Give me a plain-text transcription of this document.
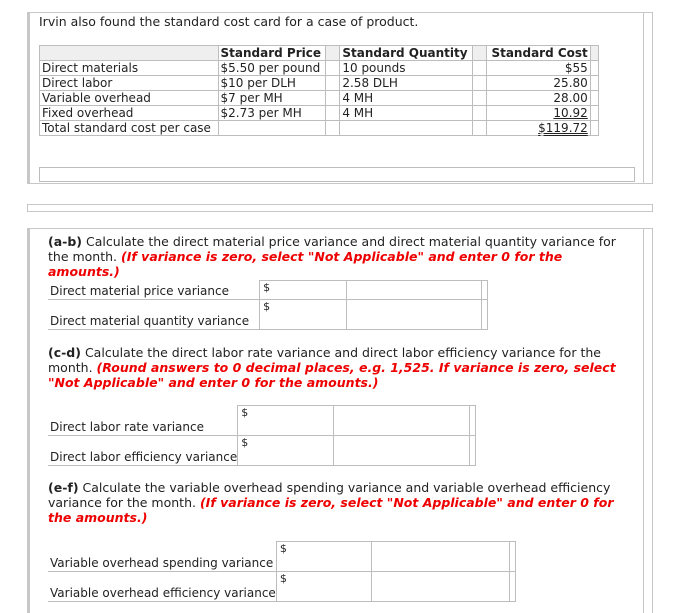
Irvin also found the standard cost card for a case of product.
	Standard Price		Standard Quantity		Standard Cost	
Direct materials	$5.50 per pound		10 pounds		$55	
Direct labor	$10 per DLH		2.58 DLH		25.80	
Variable overhead	$7 per MH		4 MH		28.00	
Fixed overhead	$2.73 per MH		4 MH		10.92	
Total standard cost per case					$119.72	
(a-b) Calculate the direct material price variance and direct material quantity variance for the month. (If variance is zero, select "Not Applicable" and enter 0 for the amounts.)
Direct material price variance	$			
Direct material quantity variance	$			
(c-d) Calculate the direct labor rate variance and direct labor efficiency variance for the month. (Round answers to 0 decimal places, e.g. 1,525. If variance is zero, select "Not Applicable" and enter 0 for the amounts.)
Direct labor rate variance	$			
Direct labor efficiency variance	$			
(e-f) Calculate the variable overhead spending variance and variable overhead efficiency variance for the month. (If variance is zero, select "Not Applicable" and enter 0 for the amounts.)
Variable overhead spending variance	$			
Variable overhead efficiency variance	$			
